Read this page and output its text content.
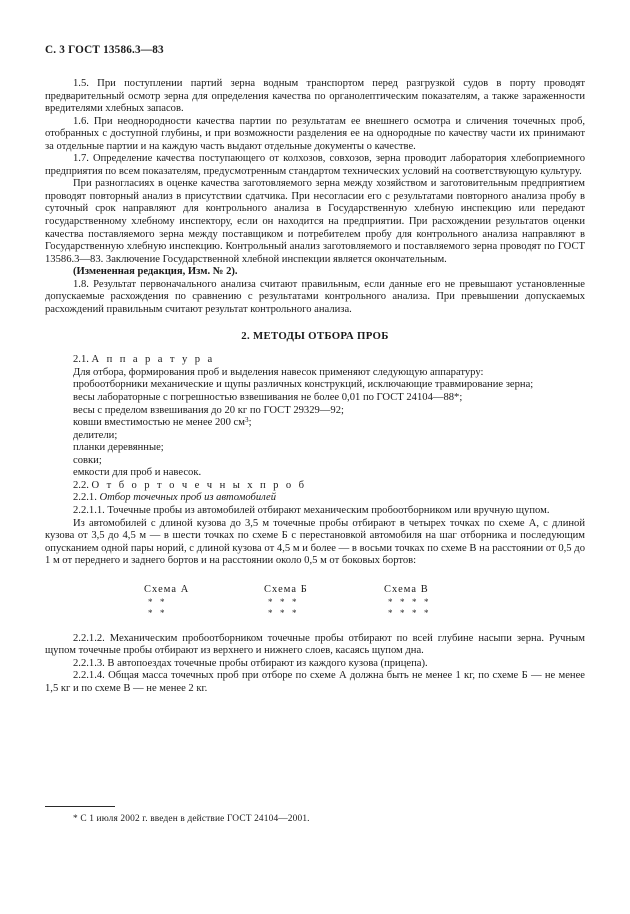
С. 3 ГОСТ 13586.3—83

1.5. При поступлении партий зерна водным транспортом перед разгрузкой судов в порту проводят предварительный осмотр зерна для определения качества по органолептическим показателям, а также зараженности вредителями хлебных запасов.

1.6. При неоднородности качества партии по результатам ее внешнего осмотра и сличения точечных проб, отобранных с доступной глубины, и при возможности разделения ее на однородные по качеству части их принимают за отдельные партии и на каждую часть выдают отдельные документы о качестве.

1.7. Определение качества поступающего от колхозов, совхозов, зерна проводит лаборатория хлебоприемного предприятия по всем показателям, предусмотренным стандартом технических условий на соответствующую культуру.

При разногласиях в оценке качества заготовляемого зерна между хозяйством и заготовительным предприятием проводят повторный анализ в присутствии сдатчика. При несогласии его с результатами повторного анализа пробу в суточный срок направляют для контрольного анализа в Государственную хлебную инспекцию или передают государственному хлебному инспектору, если он находится на предприятии. При расхождении результатов оценки качества поставляемого зерна между поставщиком и потребителем пробу для контрольного анализа направляют в Государственную хлебную инспекцию. Контрольный анализ заготовляемого и поставляемого зерна проводят по ГОСТ 13586.3—83. Заключение Государственной хлебной инспекции является окончательным.

(Измененная редакция, Изм. № 2).

1.8. Результат первоначального анализа считают правильным, если данные его не превышают установленные допускаемые расхождения по сравнению с результатами контрольного анализа. При превышении допускаемых расхождений правильным считают результат контрольного анализа.

2. МЕТОДЫ ОТБОРА ПРОБ

2.1. А п п а р а т у р а

Для отбора, формирования проб и выделения навесок применяют следующую аппаратуру:

пробоотборники механические и щупы различных конструкций, исключающие травмирование зерна;

весы лабораторные с погрешностью взвешивания не более 0,01 по ГОСТ 24104—88*;

весы с пределом взвешивания до 20 кг по ГОСТ 29329—92;

ковши вместимостью не менее 200 $см^3$;

делители;

планки деревянные;

совки;

емкости для проб и навесок.

2.2. О т б о р т о ч е ч н ы х п р о б

2.2.1. Отбор точечных проб из автомобилей

2.2.1.1. Точечные пробы из автомобилей отбирают механическим пробоотборником или вручную щупом.

Из автомобилей с длиной кузова до 3,5 м точечные пробы отбирают в четырех точках по схеме А, с длиной кузова от 3,5 до 4,5 м — в шести точках по схеме Б с перестановкой автомобиля на шаг отборника и последующим опусканием одной пары норий, с длиной кузова от 4,5 м и более — в восьми точках по схеме В на расстоянии от 0,5 до 1 м от переднего и заднего бортов и на расстоянии около 0,5 м от боковых бортов:

Схема А
* *
* *
Схема Б
* * *
* * *
Схема В
* * * *
* * * *

2.2.1.2. Механическим пробоотборником точечные пробы отбирают по всей глубине насыпи зерна. Ручным щупом точечные пробы отбирают из верхнего и нижнего слоев, касаясь щупом дна.

2.2.1.3. В автопоездах точечные пробы отбирают из каждого кузова (прицепа).

2.2.1.4. Общая масса точечных проб при отборе по схеме А должна быть не менее 1 кг, по схеме Б — не менее 1,5 кг и по схеме В — не менее 2 кг.

* С 1 июля 2002 г. введен в действие ГОСТ 24104—2001.
